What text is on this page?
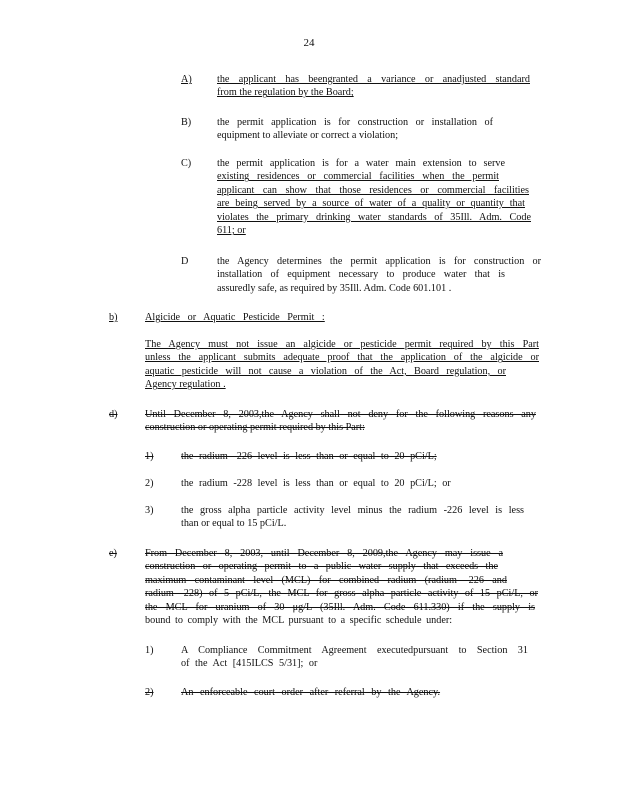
24
A) the applicant has beengranted a variance or anadjusted standard
from the regulation by the Board;
B)	the permit application is for construction or installation of
equipment to alleviate or correct a violation;
C)	the permit application is for a water main extension to serve
existing residences or commercial facilities when the permit
applicant can show that those residences or commercial facilities
are being served by a source of water of a quality or quantity that
violates the primary drinking water standards of 35Ill. Adm. Code
611; or
D	the Agency determines the permit application is for construction or
installation of equipment necessary to produce water that is
assuredly safe, as required by 35Ill. Adm. Code 601.101 .
b)	Algicide or Aquatic Pesticide Permit :
The Agency must not issue an algicide or pesticide permit required by this Part
unless the applicant submits adequate proof that the application of the algicide or
aquatic pesticide will not cause a violation of the Act, Board regulation, or
Agency regulation .
d)	Until December 8, 2003,the Agency shall not deny for the following reasons any
construction or operating permit required by this Part:
1)	the radium -226 level is less than or equal to 20 pCi/L;
2)	the radium -228 level is less than or equal to 20 pCi/L; or
3)	the gross alpha particle activity level minus the radium -226 level is less
than or equal to 15 pCi/L.
e)	From December 8, 2003, until December 8, 2009,the Agency may issue a
construction or operating permit to a public water supply that exceeds the
maximum contaminant level (MCL) for combined radium (radium -226 and
radium -228) of 5 pCi/L, the MCL for gross alpha particle activity of 15 pCi/L, or
the MCL for uranium of 30 μg/L (35Ill. Adm. Code 611.330) if the supply is
bound to comply with the MCL pursuant to a specific schedule under:
1)	A Compliance Commitment Agreement executedpursuant to Section 31
of the Act [415ILCS 5/31]; or
2)	An enforceable court order after referral by the Agency.
